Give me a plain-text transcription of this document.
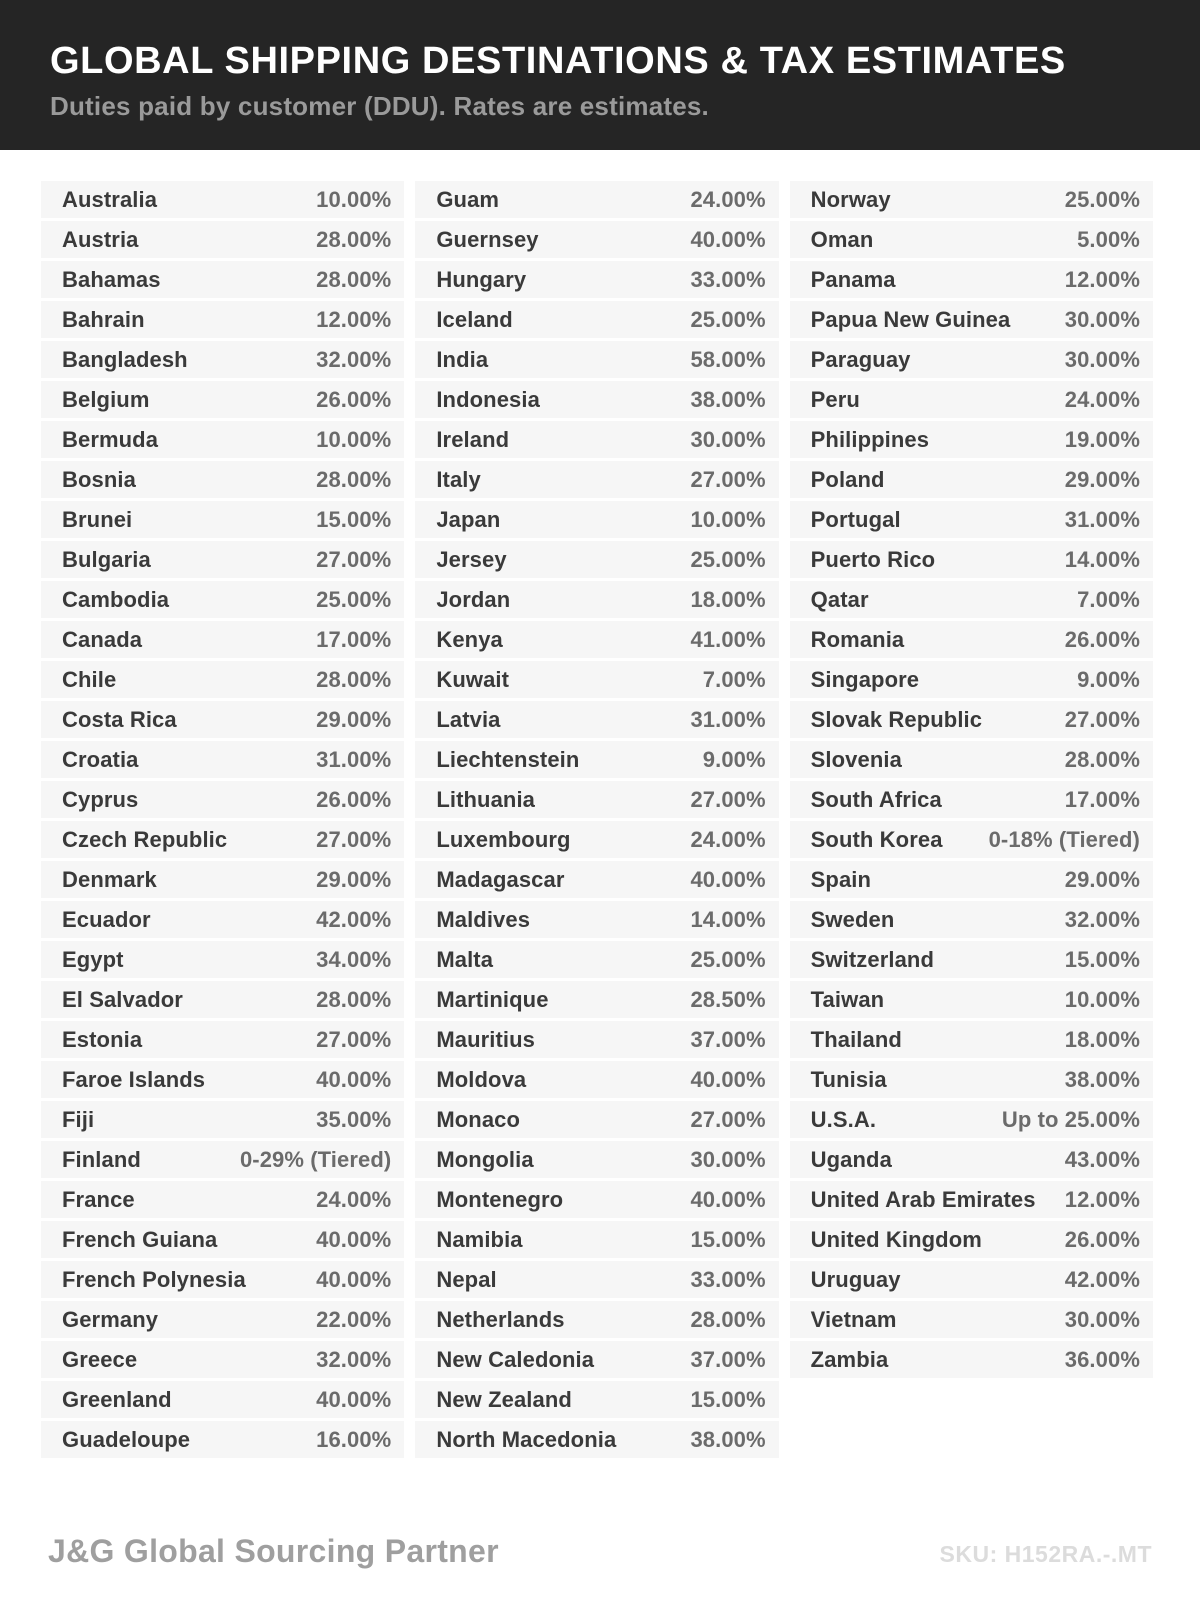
GLOBAL SHIPPING DESTINATIONS & TAX ESTIMATES
Duties paid by customer (DDU). Rates are estimates.
Australia	10.00%
Austria	28.00%
Bahamas	28.00%
Bahrain	12.00%
Bangladesh	32.00%
Belgium	26.00%
Bermuda	10.00%
Bosnia	28.00%
Brunei	15.00%
Bulgaria	27.00%
Cambodia	25.00%
Canada	17.00%
Chile	28.00%
Costa Rica	29.00%
Croatia	31.00%
Cyprus	26.00%
Czech Republic	27.00%
Denmark	29.00%
Ecuador	42.00%
Egypt	34.00%
El Salvador	28.00%
Estonia	27.00%
Faroe Islands	40.00%
Fiji	35.00%
Finland	0-29% (Tiered)
France	24.00%
French Guiana	40.00%
French Polynesia	40.00%
Germany	22.00%
Greece	32.00%
Greenland	40.00%
Guadeloupe	16.00%
Guam	24.00%
Guernsey	40.00%
Hungary	33.00%
Iceland	25.00%
India	58.00%
Indonesia	38.00%
Ireland	30.00%
Italy	27.00%
Japan	10.00%
Jersey	25.00%
Jordan	18.00%
Kenya	41.00%
Kuwait	7.00%
Latvia	31.00%
Liechtenstein	9.00%
Lithuania	27.00%
Luxembourg	24.00%
Madagascar	40.00%
Maldives	14.00%
Malta	25.00%
Martinique	28.50%
Mauritius	37.00%
Moldova	40.00%
Monaco	27.00%
Mongolia	30.00%
Montenegro	40.00%
Namibia	15.00%
Nepal	33.00%
Netherlands	28.00%
New Caledonia	37.00%
New Zealand	15.00%
North Macedonia	38.00%
Norway	25.00%
Oman	5.00%
Panama	12.00%
Papua New Guinea 30.00%
Paraguay	30.00%
Peru	24.00%
Philippines	19.00%
Poland	29.00%
Portugal	31.00%
Puerto Rico	14.00%
Qatar	7.00%
Romania	26.00%
Singapore	9.00%
Slovak Republic	27.00%
Slovenia	28.00%
South Africa	17.00%
South Korea 0-18% (Tiered)
Spain	29.00%
Sweden	32.00%
Switzerland	15.00%
Taiwan	10.00%
Thailand	18.00%
Tunisia	38.00%
U.S.A.	Up to 25.00%
Uganda	43.00%
United Arab Emirates 12.00%
United Kingdom	26.00%
Uruguay	42.00%
Vietnam	30.00%
Zambia	36.00%
J&G Global Sourcing Partner	SKU: H152RA.-.MT
